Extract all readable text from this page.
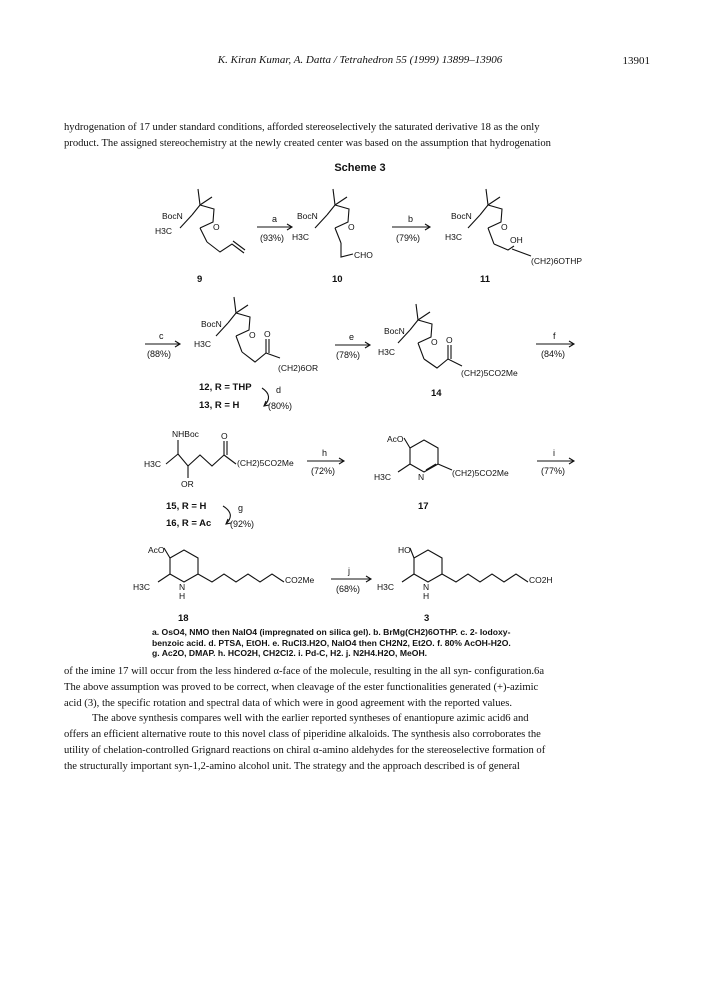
K. Kiran Kumar, A. Datta / Tetrahedron 55 (1999) 13899–13906	13901
hydrogenation of 17 under standard conditions, afforded stereoselectively the saturated derivative 18 as the only
product. The assigned stereochemistry at the newly created center was based on the assumption that hydrogenation
Scheme 3
BocN
O
H3C
9
a
(93%)
BocN
O
H3C
CHO
10
b
(79%)
BocN
O
H3C	OH
(CH2)6OTHP
11
c
(88%)
BocN
O
H3C
O
(CH2)6OR
12, R = THP
13, R = H
d
(80%)
e
(78%)
BocN
O
H3C
O
(CH2)5CO2Me
14
f
(84%)
NHBoc
H3C
O
(CH2)5CO2Me
OR
15, R = H
16, R = Ac
g
(92%)
h
(72%)
AcO
H3C	N	(CH2)5CO2Me
17
i
(77%)
AcO
H3C	N
H
CO2Me
18
j
(68%)
HO
H3C	N
H
CO2H
3
a. OsO4, NMO then NaIO4 (impregnated on silica gel). b. BrMg(CH2)6OTHP. c. 2- Iodoxy-
benzoic acid. d. PTSA, EtOH. e. RuCl3.H2O, NaIO4 then CH2N2, Et2O. f. 80% AcOH-H2O.
g. Ac2O, DMAP. h. HCO2H, CH2Cl2. i. Pd-C, H2. j. N2H4.H2O, MeOH.
of the imine 17 will occur from the less hindered α-face of the molecule, resulting in the all syn- configuration.6a
The above assumption was proved to be correct, when cleavage of the ester functionalities generated (+)-azimic
acid (3), the specific rotation and spectral data of which were in good agreement with the reported values.
The above synthesis compares well with the earlier reported syntheses of enantiopure azimic acid6 and
offers an efficient alternative route to this novel class of piperidine alkaloids. The synthesis also corroborates the
utility of chelation-controlled Grignard reactions on chiral α-amino aldehydes for the stereoselective formation of
the structurally important syn-1,2-amino alcohol unit. The strategy and the approach described is of general
